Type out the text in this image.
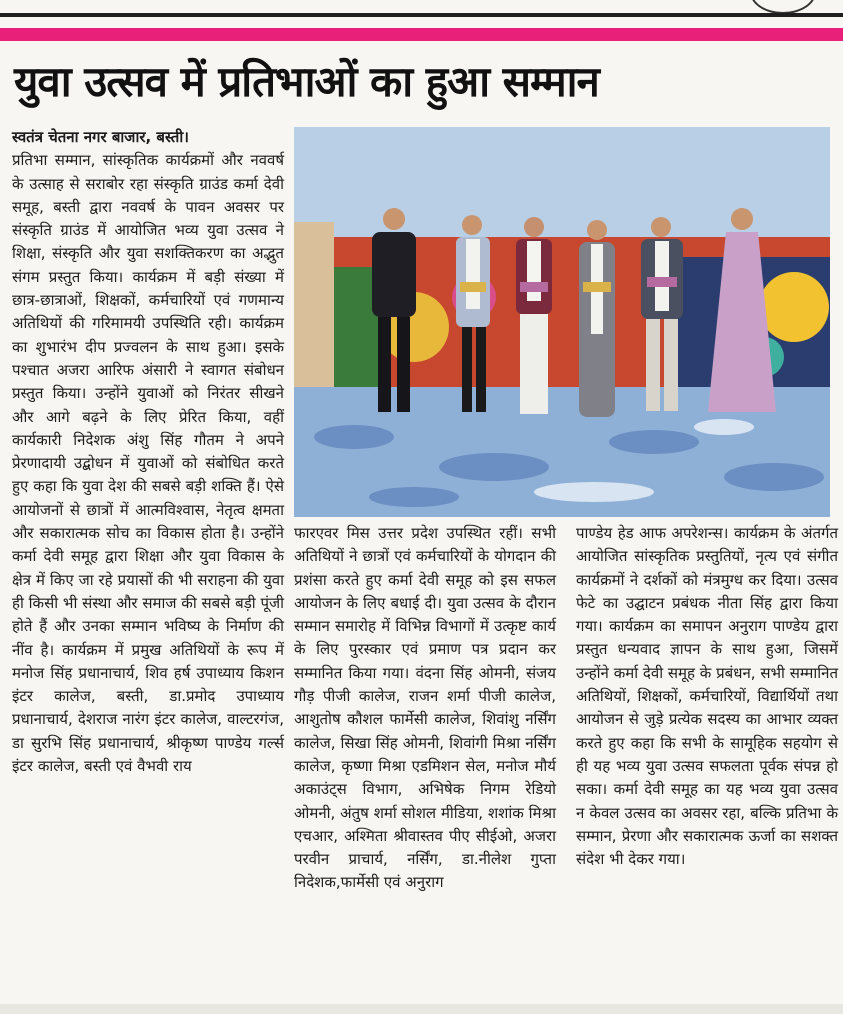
युवा उत्सव में प्रतिभाओं का हुआ सम्मान

स्वतंत्र चेतना नगर बाजार, बस्ती।
प्रतिभा सम्मान, सांस्कृतिक कार्यक्रमों और नववर्ष के उत्साह से सराबोर रहा संस्कृति ग्राउंड कर्मा देवी समूह, बस्ती द्वारा नववर्ष के पावन अवसर पर संस्कृति ग्राउंड में आयोजित भव्य युवा उत्सव ने शिक्षा, संस्कृति और युवा सशक्तिकरण का अद्भुत संगम प्रस्तुत किया। कार्यक्रम में बड़ी संख्या में छात्र-छात्राओं, शिक्षकों, कर्मचारियों एवं गणमान्य अतिथियों की गरिमामयी उपस्थिति रही। कार्यक्रम का शुभारंभ दीप प्रज्वलन के साथ हुआ। इसके पश्चात अजरा आरिफ अंसारी ने स्वागत संबोधन प्रस्तुत किया। उन्होंने युवाओं को निरंतर सीखने और आगे बढ़ने के लिए प्रेरित किया, वहीं कार्यकारी निदेशक अंशु सिंह गौतम ने अपने प्रेरणादायी उद्बोधन में युवाओं को संबोधित करते हुए कहा कि युवा देश की सबसे बड़ी शक्ति हैं। ऐसे आयोजनों से छात्रों में आत्मविश्वास, नेतृत्व क्षमता और सकारात्मक सोच का विकास होता है। उन्होंने कर्मा देवी समूह द्वारा शिक्षा और युवा विकास के क्षेत्र में किए जा रहे प्रयासों की भी सराहना की युवा ही किसी भी संस्था और समाज की सबसे बड़ी पूंजी होते हैं और उनका सम्मान भविष्य के निर्माण की नींव है। कार्यक्रम में प्रमुख अतिथियों के रूप में मनोज सिंह प्रधानाचार्य, शिव हर्ष उपाध्याय किशन इंटर कालेज, बस्ती, डा.प्रमोद उपाध्याय प्रधानाचार्य, देशराज नारंग इंटर कालेज, वाल्टरगंज, डा सुरभि सिंह प्रधानाचार्य, श्रीकृष्ण पाण्डेय गर्ल्स इंटर कालेज, बस्ती एवं वैभवी राय

फारएवर मिस उत्तर प्रदेश उपस्थित रहीं। सभी अतिथियों ने छात्रों एवं कर्मचारियों के योगदान की प्रशंसा करते हुए कर्मा देवी समूह को इस सफल आयोजन के लिए बधाई दी। युवा उत्सव के दौरान सम्मान समारोह में विभिन्न विभागों में उत्कृष्ट कार्य के लिए पुरस्कार एवं प्रमाण पत्र प्रदान कर सम्मानित किया गया। वंदना सिंह ओमनी, संजय गौड़ पीजी कालेज, राजन शर्मा पीजी कालेज, आशुतोष कौशल फार्मेसी कालेज, शिवांशु नर्सिंग कालेज, सिखा सिंह ओमनी, शिवांगी मिश्रा नर्सिंग कालेज, कृष्णा मिश्रा एडमिशन सेल, मनोज मौर्य अकाउंट्स विभाग, अभिषेक निगम रेडियो ओमनी, अंतुष शर्मा सोशल मीडिया, शशांक मिश्रा एचआर, अश्मिता श्रीवास्तव पीए सीईओ, अजरा परवीन प्राचार्य, नर्सिंग, डा.नीलेश गुप्ता निदेशक,फार्मेसी एवं अनुराग

पाण्डेय हेड आफ अपरेशन्स। कार्यक्रम के अंतर्गत आयोजित सांस्कृतिक प्रस्तुतियों, नृत्य एवं संगीत कार्यक्रमों ने दर्शकों को मंत्रमुग्ध कर दिया। उत्सव फेटे का उद्घाटन प्रबंधक नीता सिंह द्वारा किया गया। कार्यक्रम का समापन अनुराग पाण्डेय द्वारा प्रस्तुत धन्यवाद ज्ञापन के साथ हुआ, जिसमें उन्होंने कर्मा देवी समूह के प्रबंधन, सभी सम्मानित अतिथियों, शिक्षकों, कर्मचारियों, विद्यार्थियों तथा आयोजन से जुड़े प्रत्येक सदस्य का आभार व्यक्त करते हुए कहा कि सभी के सामूहिक सहयोग से ही यह भव्य युवा उत्सव सफलता पूर्वक संपन्न हो सका। कर्मा देवी समूह का यह भव्य युवा उत्सव न केवल उत्सव का अवसर रहा, बल्कि प्रतिभा के सम्मान, प्रेरणा और सकारात्मक ऊर्जा का सशक्त संदेश भी देकर गया।
